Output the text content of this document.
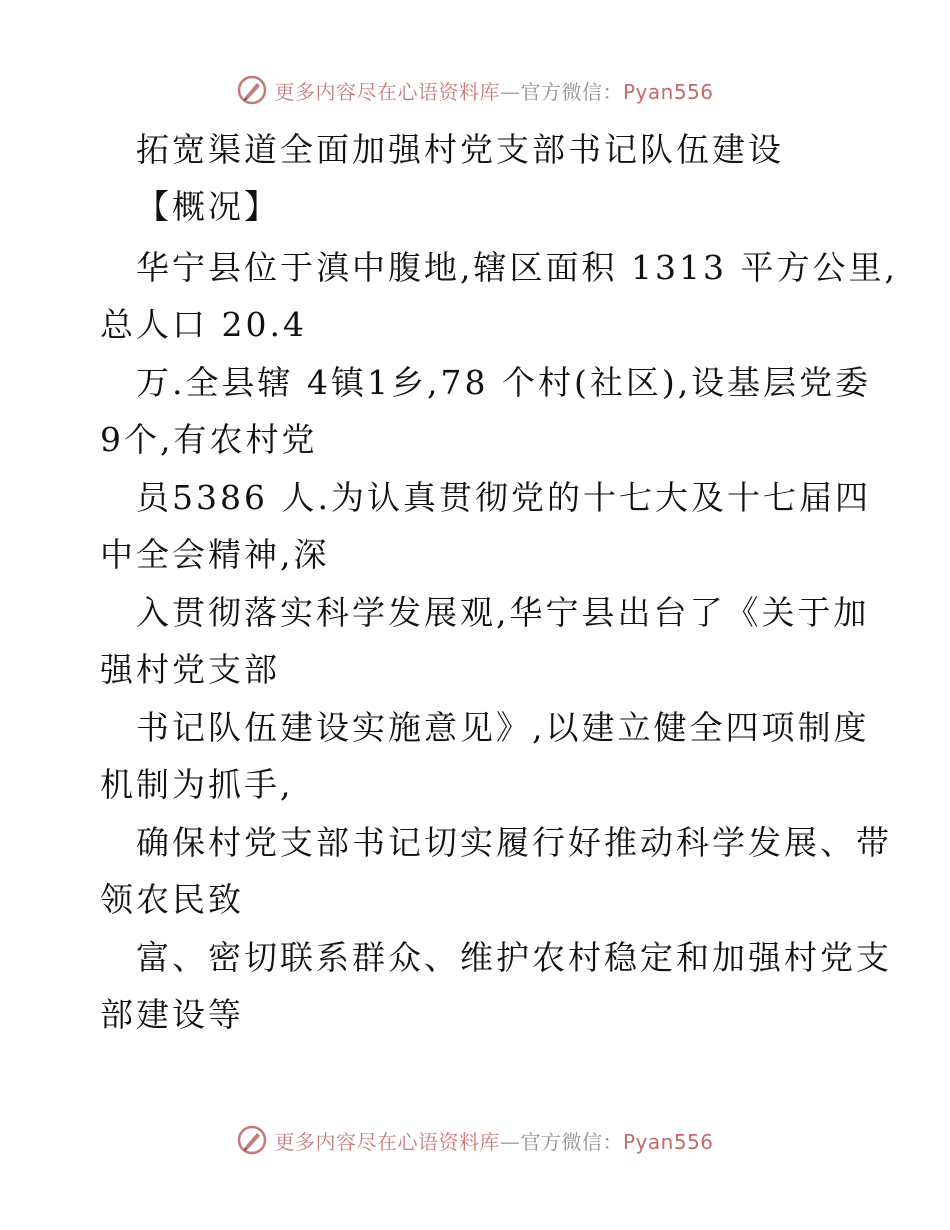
更多内容尽在心语资料库—官方微信：Pyan556
拓宽渠道全面加强村党支部书记队伍建设
【概况】
华宁县位于滇中腹地,辖区面积 1313 平方公里,
总人口 20.4
万.全县辖 4镇1乡,78 个村(社区),设基层党委
9个,有农村党
员5386 人.为认真贯彻党的十七大及十七届四
中全会精神,深
入贯彻落实科学发展观,华宁县出台了《关于加
强村党支部
书记队伍建设实施意见》,以建立健全四项制度
机制为抓手,
确保村党支部书记切实履行好推动科学发展、带
领农民致
富、密切联系群众、维护农村稳定和加强村党支
部建设等
更多内容尽在心语资料库—官方微信：Pyan556
